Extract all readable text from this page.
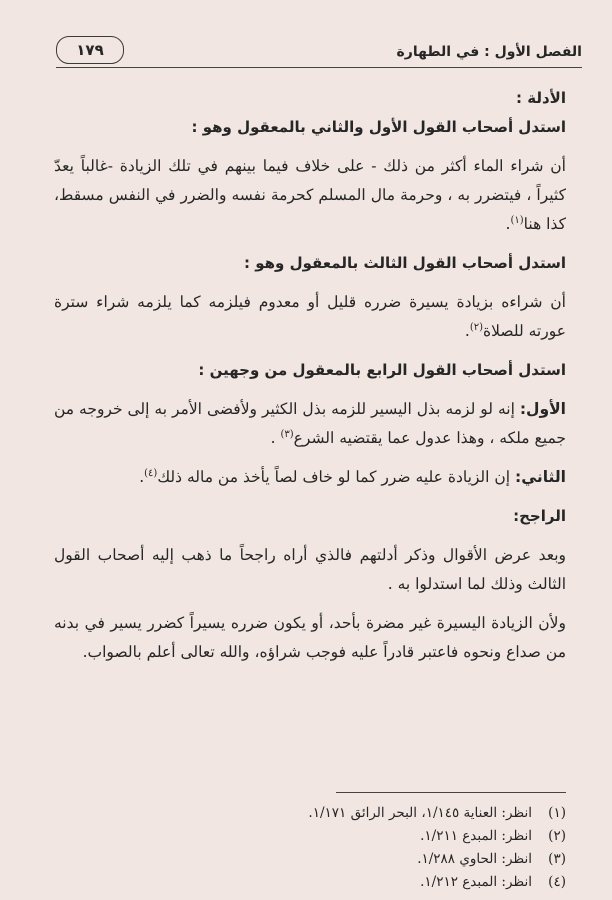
الفصل الأول : في الطهارة
١٧٩

الأدلة :

استدل أصحاب القول الأول والثاني بالمعقول وهو :

أن شراء الماء أكثر من ذلك - على خلاف فيما بينهم في تلك الزيادة -غالباً يعدّ كثيراً ، فيتضرر به ، وحرمة مال المسلم كحرمة نفسه والضرر في النفس مسقط، كذا هنا$^{(١)}$.

استدل أصحاب القول الثالث بالمعقول وهو :

أن شراءه بزيادة يسيرة ضرره قليل أو معدوم فيلزمه كما يلزمه شراء سترة عورته للصلاة$^{(٢)}$.

استدل أصحاب القول الرابع بالمعقول من وجهين :

الأول: إنه لو لزمه بذل اليسير للزمه بذل الكثير ولأفضى الأمر به إلى خروجه من جميع ملكه ، وهذا عدول عما يقتضيه الشرع$^{(٣)}$ .

الثاني: إن الزيادة عليه ضرر كما لو خاف لصاً يأخذ من ماله ذلك$^{(٤)}$.

الراجح:

وبعد عرض الأقوال وذكر أدلتهم فالذي أراه راجحاً ما ذهب إليه أصحاب القول الثالث وذلك لما استدلوا به .

ولأن الزيادة اليسيرة غير مضرة بأحد، أو يكون ضرره يسيراً كضرر يسير في بدنه من صداع ونحوه فاعتبر قادراً عليه فوجب شراؤه، والله تعالى أعلم بالصواب.

(١)انظر: العناية ١/١٤٥، البحر الرائق ١/١٧١.
(٢)انظر: المبدع ١/٢١١.
(٣)انظر: الحاوي ١/٢٨٨.
(٤)انظر: المبدع ١/٢١٢.
